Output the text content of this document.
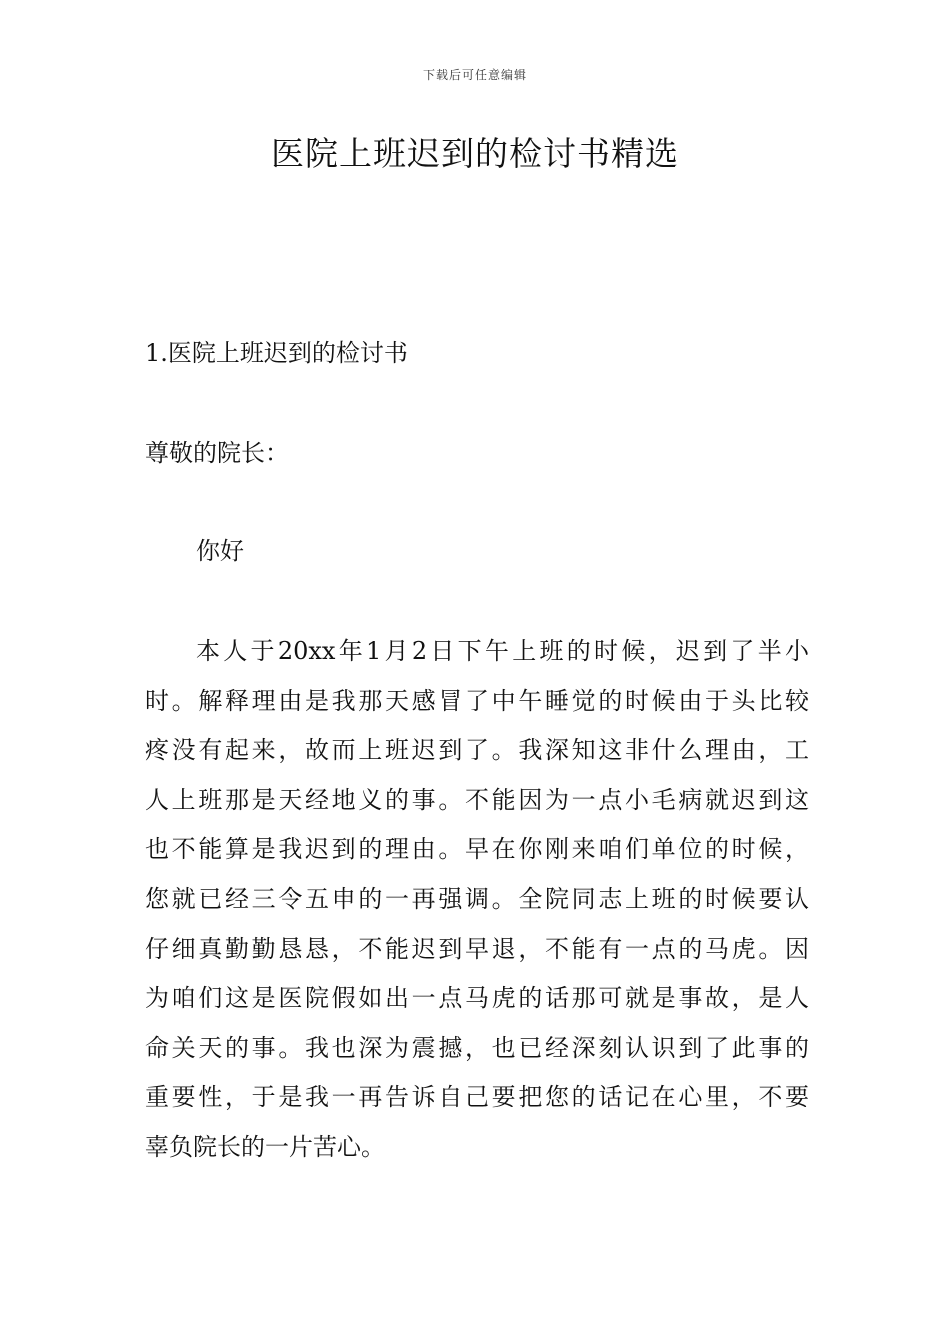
下载后可任意编辑
医院上班迟到的检讨书精选
1.医院上班迟到的检讨书

尊敬的院长：

你好

本人于20xx年1月2日下午上班的时候，迟到了半小
时。解释理由是我那天感冒了中午睡觉的时候由于头比较
疼没有起来，故而上班迟到了。我深知这非什么理由，工
人上班那是天经地义的事。不能因为一点小毛病就迟到这
也不能算是我迟到的理由。早在你刚来咱们单位的时候，
您就已经三令五申的一再强调。全院同志上班的时候要认
仔细真勤勤恳恳，不能迟到早退，不能有一点的马虎。因
为咱们这是医院假如出一点马虎的话那可就是事故，是人
命关天的事。我也深为震撼，也已经深刻认识到了此事的
重要性，于是我一再告诉自己要把您的话记在心里，不要
辜负院长的一片苦心。
